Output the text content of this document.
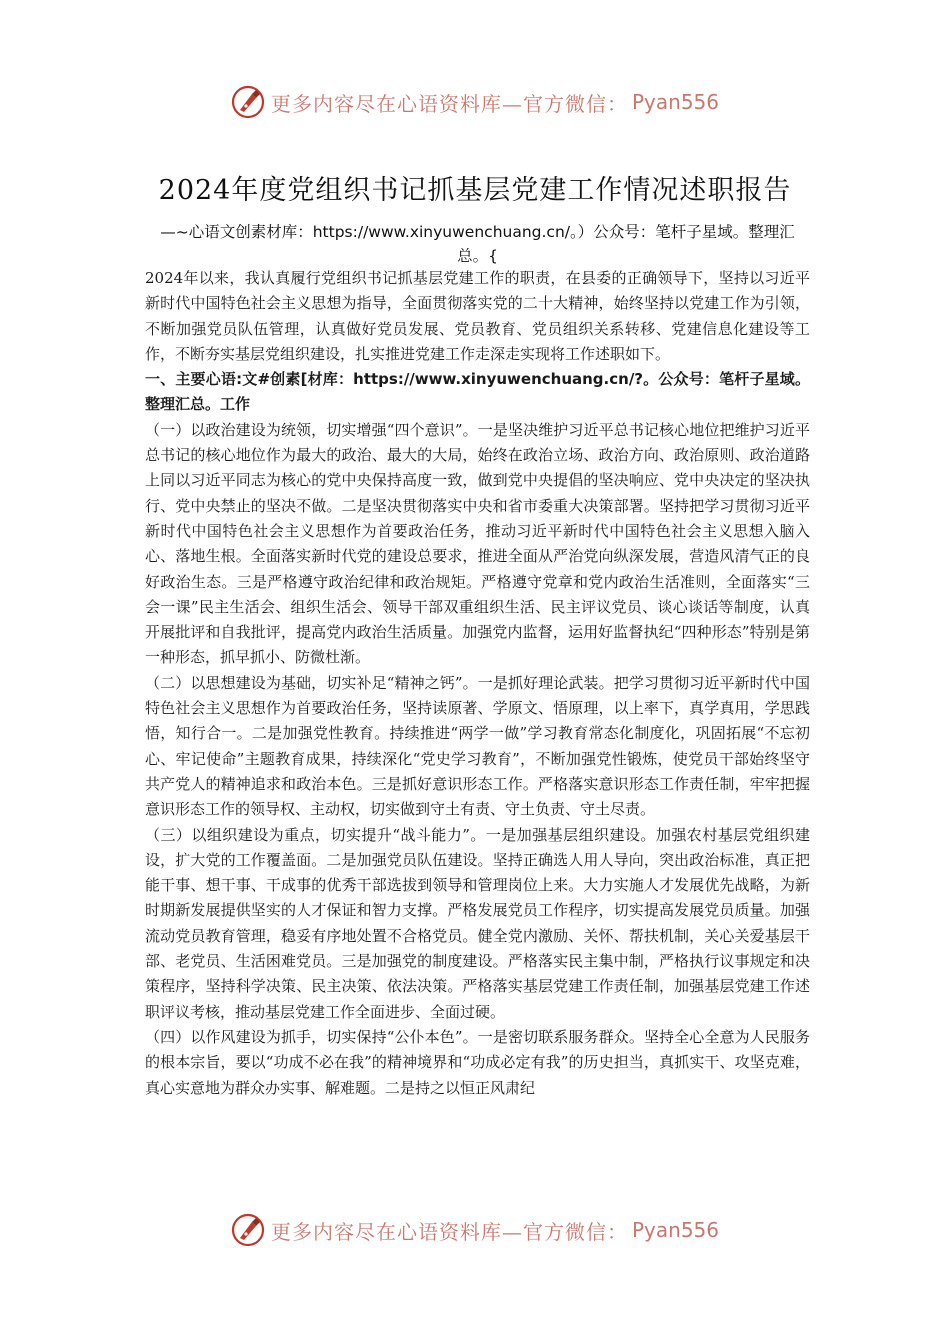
更多内容尽在心语资料库—官方微信： Pyan556
2024年度党组织书记抓基层党建工作情况述职报告
—~心语文创素材库：https://www.xinyuwenchuang.cn/。）公众号：笔杆子星域。整理汇总。{

2024年以来，我认真履行党组织书记抓基层党建工作的职责，在县委的正确领导下，坚持以习近平新时代中国特色社会主义思想为指导，全面贯彻落实党的二十大精神，始终坚持以党建工作为引领，不断加强党员队伍管理，认真做好党员发展、党员教育、党员组织关系转移、党建信息化建设等工作，不断夯实基层党组织建设，扎实推进党建工作走深走实现将工作述职如下。

一、主要心语:文#创素[材库：https://www.xinyuwenchuang.cn/?。公众号：笔杆子星域。整理汇总。工作

（一）以政治建设为统领，切实增强“四个意识”。一是坚决维护习近平总书记核心地位把维护习近平总书记的核心地位作为最大的政治、最大的大局，始终在政治立场、政治方向、政治原则、政治道路上同以习近平同志为核心的党中央保持高度一致，做到党中央提倡的坚决响应、党中央决定的坚决执行、党中央禁止的坚决不做。二是坚决贯彻落实中央和省市委重大决策部署。坚持把学习贯彻习近平新时代中国特色社会主义思想作为首要政治任务，推动习近平新时代中国特色社会主义思想入脑入心、落地生根。全面落实新时代党的建设总要求，推进全面从严治党向纵深发展，营造风清气正的良好政治生态。三是严格遵守政治纪律和政治规矩。严格遵守党章和党内政治生活准则，全面落实“三会一课”民主生活会、组织生活会、领导干部双重组织生活、民主评议党员、谈心谈话等制度，认真开展批评和自我批评，提高党内政治生活质量。加强党内监督，运用好监督执纪“四种形态”特别是第一种形态，抓早抓小、防微杜渐。

（二）以思想建设为基础，切实补足“精神之钙”。一是抓好理论武装。把学习贯彻习近平新时代中国特色社会主义思想作为首要政治任务，坚持读原著、学原文、悟原理，以上率下，真学真用，学思践悟，知行合一。二是加强党性教育。持续推进“两学一做”学习教育常态化制度化，巩固拓展“不忘初心、牢记使命”主题教育成果，持续深化“党史学习教育”，不断加强党性锻炼，使党员干部始终坚守共产党人的精神追求和政治本色。三是抓好意识形态工作。严格落实意识形态工作责任制，牢牢把握意识形态工作的领导权、主动权，切实做到守土有责、守土负责、守土尽责。

（三）以组织建设为重点，切实提升“战斗能力”。一是加强基层组织建设。加强农村基层党组织建设，扩大党的工作覆盖面。二是加强党员队伍建设。坚持正确选人用人导向，突出政治标准，真正把能干事、想干事、干成事的优秀干部选拔到领导和管理岗位上来。大力实施人才发展优先战略，为新时期新发展提供坚实的人才保证和智力支撑。严格发展党员工作程序，切实提高发展党员质量。加强流动党员教育管理，稳妥有序地处置不合格党员。健全党内激励、关怀、帮扶机制，关心关爱基层干部、老党员、生活困难党员。三是加强党的制度建设。严格落实民主集中制，严格执行议事规定和决策程序，坚持科学决策、民主决策、依法决策。严格落实基层党建工作责任制，加强基层党建工作述职评议考核，推动基层党建工作全面进步、全面过硬。

（四）以作风建设为抓手，切实保持“公仆本色”。一是密切联系服务群众。坚持全心全意为人民服务的根本宗旨，要以“功成不必在我”的精神境界和“功成必定有我”的历史担当，真抓实干、攻坚克难，真心实意地为群众办实事、解难题。二是持之以恒正风肃纪

更多内容尽在心语资料库—官方微信： Pyan556
